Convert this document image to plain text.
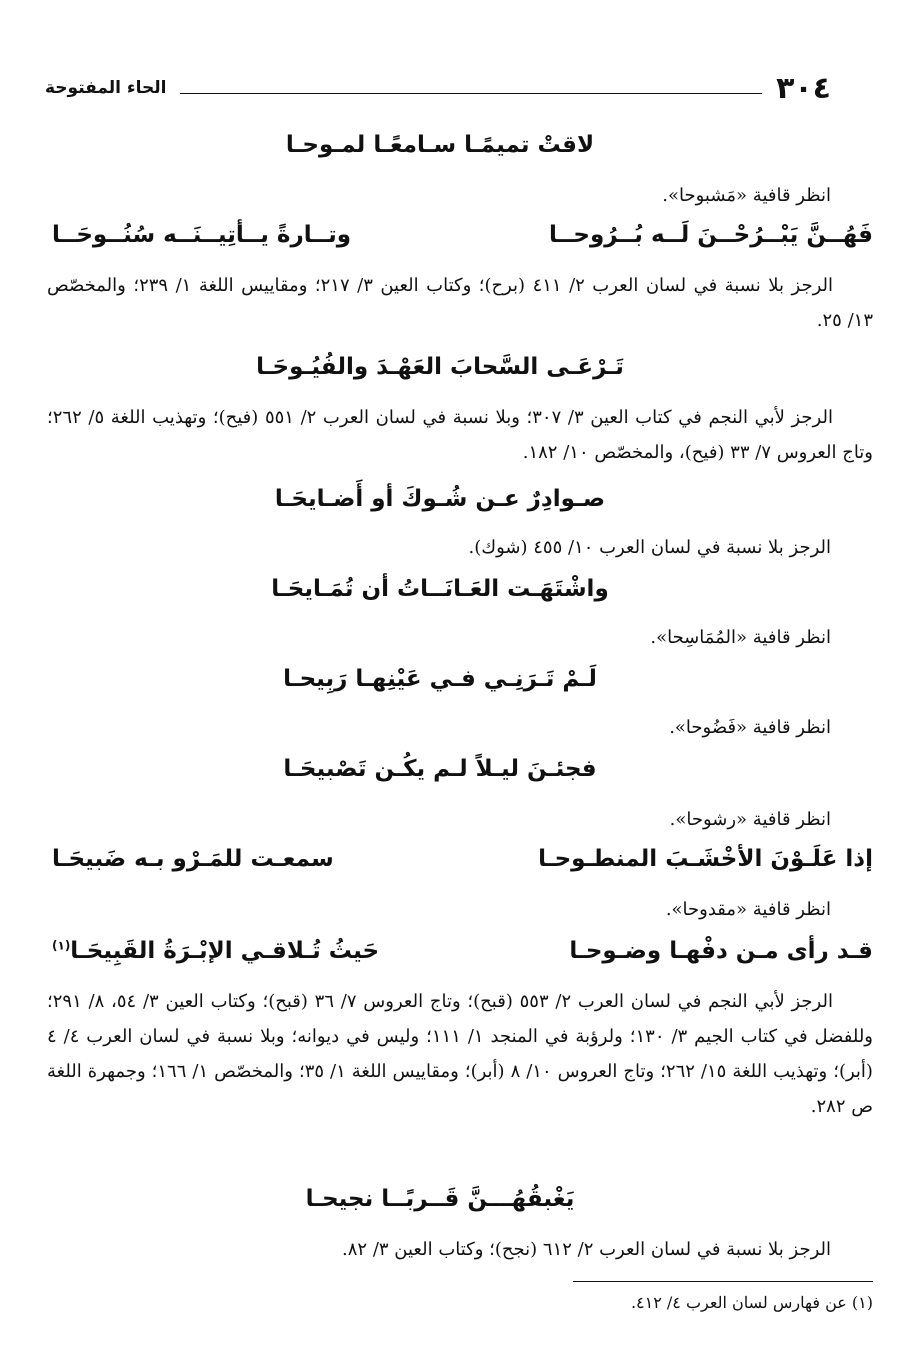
٣٠٤
الحاء المفتوحة
لاقتْ تميمًـا سـامعًـا لمـوحـا
انظر قافية «مَشبوحا».
فَهُــنَّ يَبْــرُحْــنَ لَــه بُــرُوحــا
وتــارةً يــأتِيــنَــه سُنُــوحَــا
الرجز بلا نسبة في لسان العرب ٢/ ٤١١ (برح)؛ وكتاب العين ٣/ ٢١٧؛ ومقاييس اللغة ١/ ٢٣٩؛ والمخصّص ١٣/ ٢٥.
تَـرْعَـى السَّحابَ العَهْـدَ والفُيُـوحَـا
الرجز لأبي النجم في كتاب العين ٣/ ٣٠٧؛ وبلا نسبة في لسان العرب ٢/ ٥٥١ (فيح)؛ وتهذيب اللغة ٥/ ٢٦٢؛ وتاج العروس ٧/ ٣٣ (فيح)، والمخصّص ١٠/ ١٨٢.
صـوادِرٌ عـن شُـوكَ أو أَضـايحَـا
الرجز بلا نسبة في لسان العرب ١٠/ ٤٥٥ (شوك).
واشْتَهَـت العَـانَــاتُ أن تُمَـايحَـا
انظر قافية «المُمَاسِحا».
لَـمْ تَـرَنِـي فـي عَيْنِهـا رَبِيحـا
انظر قافية «فَضُوحا».
فجئـنَ ليـلاً لـم يكُـن تَصْبيحَـا
انظر قافية «رشوحا».
إذا عَلَـوْنَ الأخْشَـبَ المنطـوحـا
سمعـت للمَـرْو بـه ضَبيحَـا
انظر قافية «مقدوحا».
قـد رأى مـن دفْهـا وضـوحـا
حَيثُ تُـلاقـي الإبْـرَةُ القَبِيحَـا$^{(١)}$
الرجز لأبي النجم في لسان العرب ٢/ ٥٥٣ (قبح)؛ وتاج العروس ٧/ ٣٦ (قبح)؛ وكتاب العين ٣/ ٥٤، ٨/ ٢٩١؛ وللفضل في كتاب الجيم ٣/ ١٣٠؛ ولرؤبة في المنجد ١/ ١١١؛ وليس في ديوانه؛ وبلا نسبة في لسان العرب ٤/ ٤ (أبر)؛ وتهذيب اللغة ١٥/ ٢٦٢؛ وتاج العروس ١٠/ ٨ (أبر)؛ ومقاييس اللغة ١/ ٣٥؛ والمخصّص ١/ ١٦٦؛ وجمهرة اللغة ص ٢٨٢.
يَغْبقُهُـــنَّ قَــربًــا نجيحـا
الرجز بلا نسبة في لسان العرب ٢/ ٦١٢ (نجح)؛ وكتاب العين ٣/ ٨٢.
(١) عن فهارس لسان العرب ٤/ ٤١٢.
